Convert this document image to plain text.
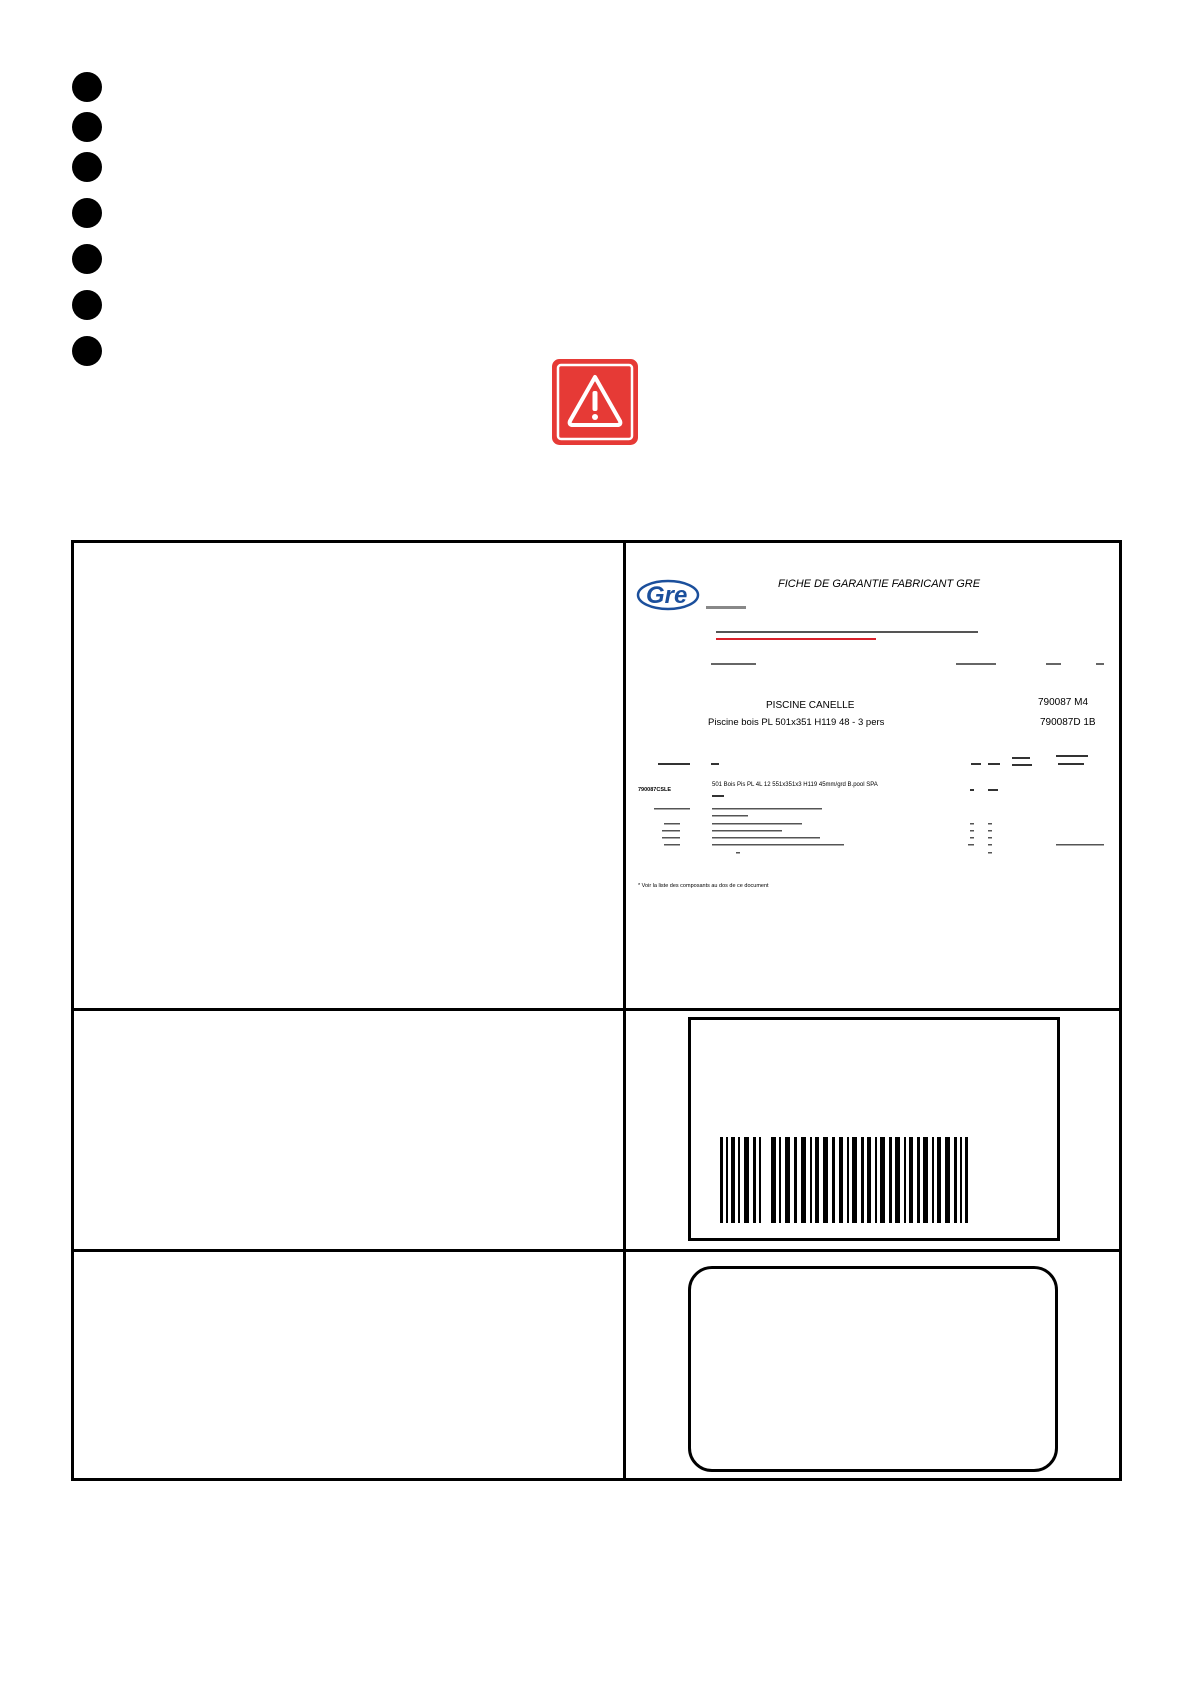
Gre	FICHE DE GARANTIE FABRICANT GRE
PISCINE CANELLE
Piscine bois PL 501x351 H119 48 - 3 pers
790087 M4
790087D 1B
790087CSLE
501 Bois Pis PL 4L 12 551x351x3 H119 45mm/grd B.pool SPA
* Voir la liste des composants au dos de ce document
